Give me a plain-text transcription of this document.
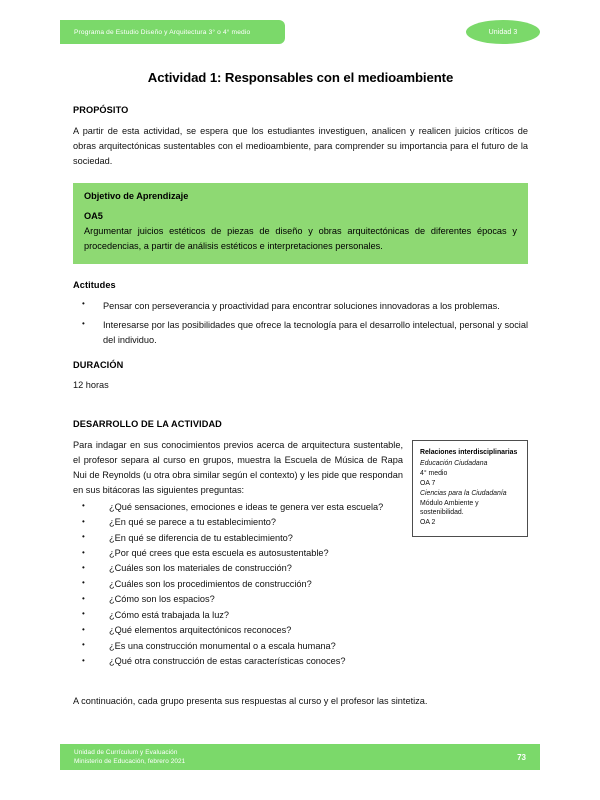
Programa de Estudio Diseño y Arquitectura 3° o 4° medio	Unidad 3
Actividad 1: Responsables con el medioambiente
PROPÓSITO

A partir de esta actividad, se espera que los estudiantes investiguen, analicen y realicen juicios críticos de obras arquitectónicas sustentables con el medioambiente, para comprender su importancia para el futuro de la sociedad.

Objetivo de Aprendizaje
OA5
Argumentar juicios estéticos de piezas de diseño y obras arquitectónicas de diferentes épocas y procedencias, a partir de análisis estéticos e interpretaciones personales.
Actitudes
• Pensar con perseverancia y proactividad para encontrar soluciones innovadoras a los problemas.
• Interesarse por las posibilidades que ofrece la tecnología para el desarrollo intelectual, personal y social del individuo.
DURACIÓN
12 horas
DESARROLLO DE LA ACTIVIDAD
Relaciones interdisciplinarias
Educación Ciudadana
4° medio
OA 7
Ciencias para la Ciudadanía
Módulo Ambiente y
sostenibilidad.
OA 2

Para indagar en sus conocimientos previos acerca de arquitectura sustentable, el profesor separa al curso en grupos, muestra la Escuela de Música de Rapa Nui de Reynolds (u otra obra similar según el contexto) y les pide que respondan en sus bitácoras las siguientes preguntas:

• ¿Qué sensaciones, emociones e ideas te genera ver esta escuela?
• ¿En qué se parece a tu establecimiento?
• ¿En qué se diferencia de tu establecimiento?
• ¿Por qué crees que esta escuela es autosustentable?
• ¿Cuáles son los materiales de construcción?
• ¿Cuáles son los procedimientos de construcción?
• ¿Cómo son los espacios?
• ¿Cómo está trabajada la luz?
• ¿Qué elementos arquitectónicos reconoces?
• ¿Es una construcción monumental o a escala humana?
• ¿Qué otra construcción de estas características conoces?

A continuación, cada grupo presenta sus respuestas al curso y el profesor las sintetiza.

Unidad de Currículum y Evaluación
Ministerio de Educación, febrero 2021	73
